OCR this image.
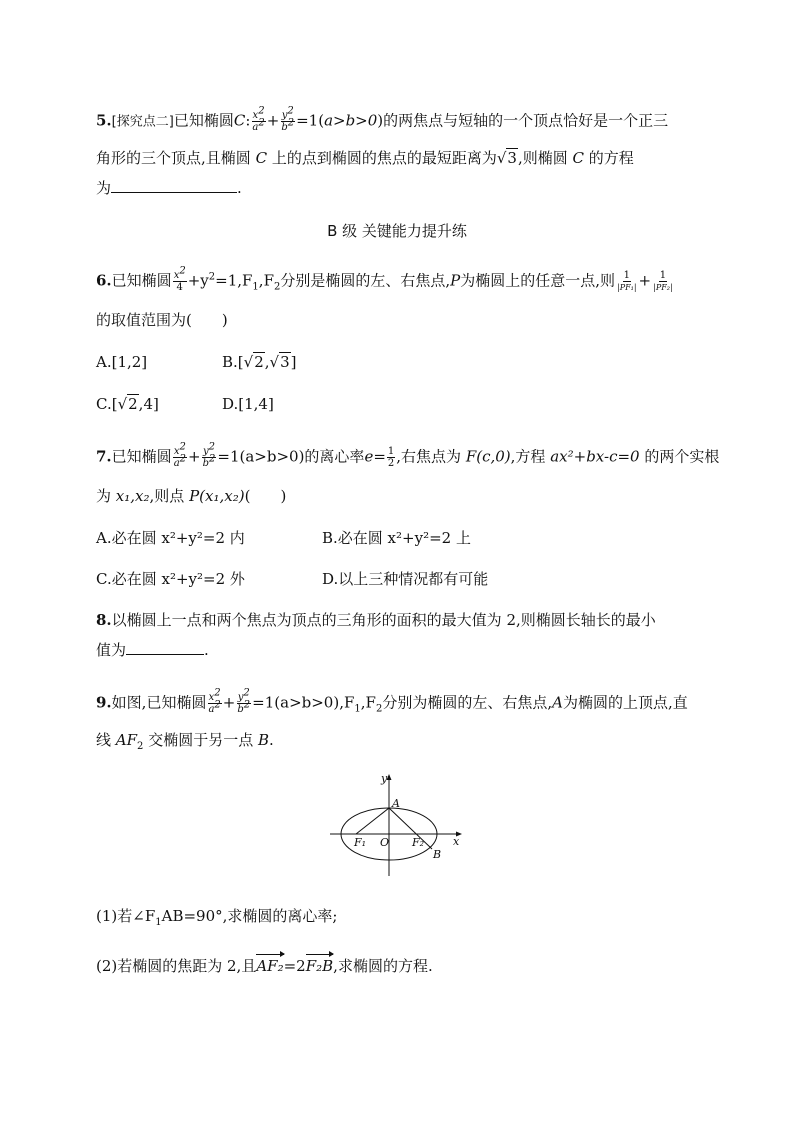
5.[探究点二]已知椭圆C: $\frac{x^2}{a^2} + \frac{y^2}{b^2} =1(a>b>0)$的两焦点与短轴的一个顶点恰好是一个正三
角形的三个顶点,且椭圆 C 上的点到椭圆的焦点的最短距离为√3,则椭圆 C 的方程
为	.
B 级 关键能力提升练
6.已知椭圆 $\frac{x^2}{4} +y^2=1,F_1,F_2$分别是椭圆的左、右焦点,P为椭圆上的任意一点,则 $\frac{1}{\text{|PF₁|}} + \frac{1}{\text{|PF₂|}}$
的取值范围为(　　)
A.[1,2]	B.[√2,√3]
C.[√2,4]	D.[1,4]
7.已知椭圆 $\frac{x^2}{a^2} + \frac{y^2}{b^2} =1(a>b>0)$的离心率$e= \frac{1}{2}$ ,右焦点为 F(c,0),方程 ax²+bx-c=0 的两个实根
为 x₁,x₂,则点 P(x₁,x₂)(　　)
A.必在圆 x²+y²=2 内	B.必在圆 x²+y²=2 上
C.必在圆 x²+y²=2 外	D.以上三种情况都有可能
8.以椭圆上一点和两个焦点为顶点的三角形的面积的最大值为 2,则椭圆长轴长的最小
值为	.
9.如图,已知椭圆 $\frac{x^2}{a^2} + \frac{y^2}{b^2} =1(a>b>0),F_1,F_2$分别为椭圆的左、右焦点,A为椭圆的上顶点,直
线 $AF_2$ 交椭圆于另一点 B.
y
x
A
O
F₁	F₂
B
(1)若$\angle F_1AB=90^\circ$,求椭圆的离心率;
(2)若椭圆的焦距为 2,且AF₂=2F₂B,求椭圆的方程.
